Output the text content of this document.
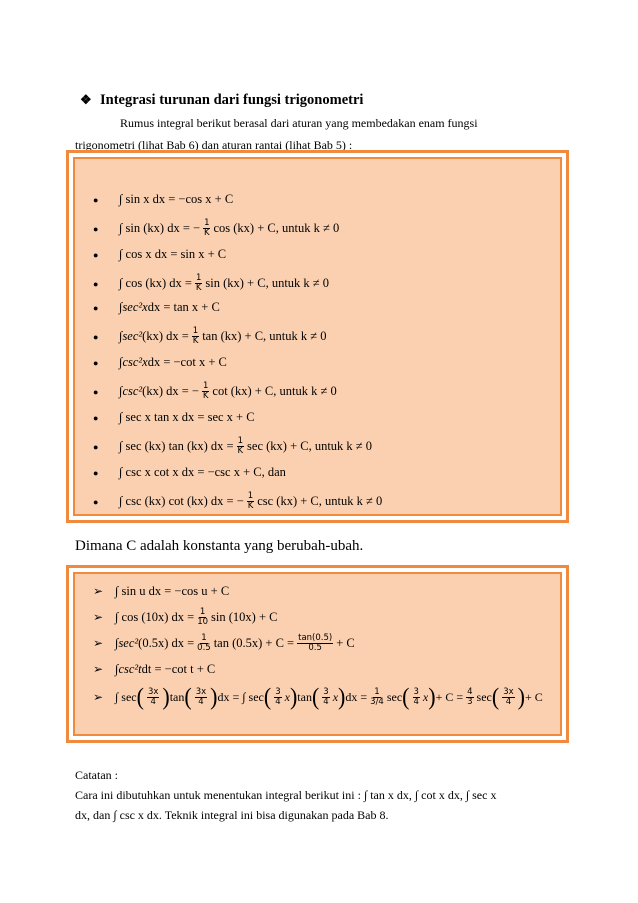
❖ Integrasi turunan dari fungsi trigonometri
Rumus integral berikut berasal dari aturan yang membedakan enam fungsi
trigonometri (lihat Bab 6) dan aturan rantai (lihat Bab 5) :
●	∫ sin x dx = −cos x + C
●	∫ sin (kx) dx = − $\frac{1}{K}$ cos (kx) + C, untuk k ≠ 0
●	∫ cos x dx = sin x + C
●	∫ cos (kx) dx = $\frac{1}{K}$ sin (kx) + C, untuk k ≠ 0
●	∫ sec²x dx = tan x + C
●	∫ sec² (kx) dx = $\frac{1}{K}$ tan (kx) + C, untuk k ≠ 0
●	∫ csc²x dx = −cot x + C
●	∫ csc² (kx) dx = − $\frac{1}{K}$ cot (kx) + C, untuk k ≠ 0
●	∫ sec x tan x dx = sec x + C
●	∫ sec (kx) tan (kx) dx = $\frac{1}{K}$ sec (kx) + C, untuk k ≠ 0
●	∫ csc x cot x dx = −csc x + C, dan
●	∫ csc (kx) cot (kx) dx = − $\frac{1}{K}$ csc (kx) + C, untuk k ≠ 0
Dimana C adalah konstanta yang berubah-ubah.
➢ ∫ sin u dx = −cos u + C
➢ ∫ cos (10x) dx = $\frac{1}{10}$ sin (10x) + C
➢ ∫ sec² (0.5x) dx = $\frac{1}{0.5}$ $\tan (0.5x) + C = \frac{\tan(0.5)}{0.5} + C$
➢ ∫ csc²t dt = −cot t + C
➢ ∫ sec ( $\frac{3x}{4}$ ) tan ( $\frac{3x}{4}$ ) dx = ∫ sec ( $\frac{3}{4}$ x ) tan ( $\frac{3}{4}$ x ) dx = $\frac{1}{3/4}$ sec ( $\frac{3}{4}$ x ) + $C = \frac{4}{3}$ sec ( $\frac{3x}{4}$ ) + C
Catatan :
Cara ini dibutuhkan untuk menentukan integral berikut ini : ∫ tan x dx, ∫ cot x dx, ∫ sec x
dx, dan ∫ csc x dx. Teknik integral ini bisa digunakan pada Bab 8.
